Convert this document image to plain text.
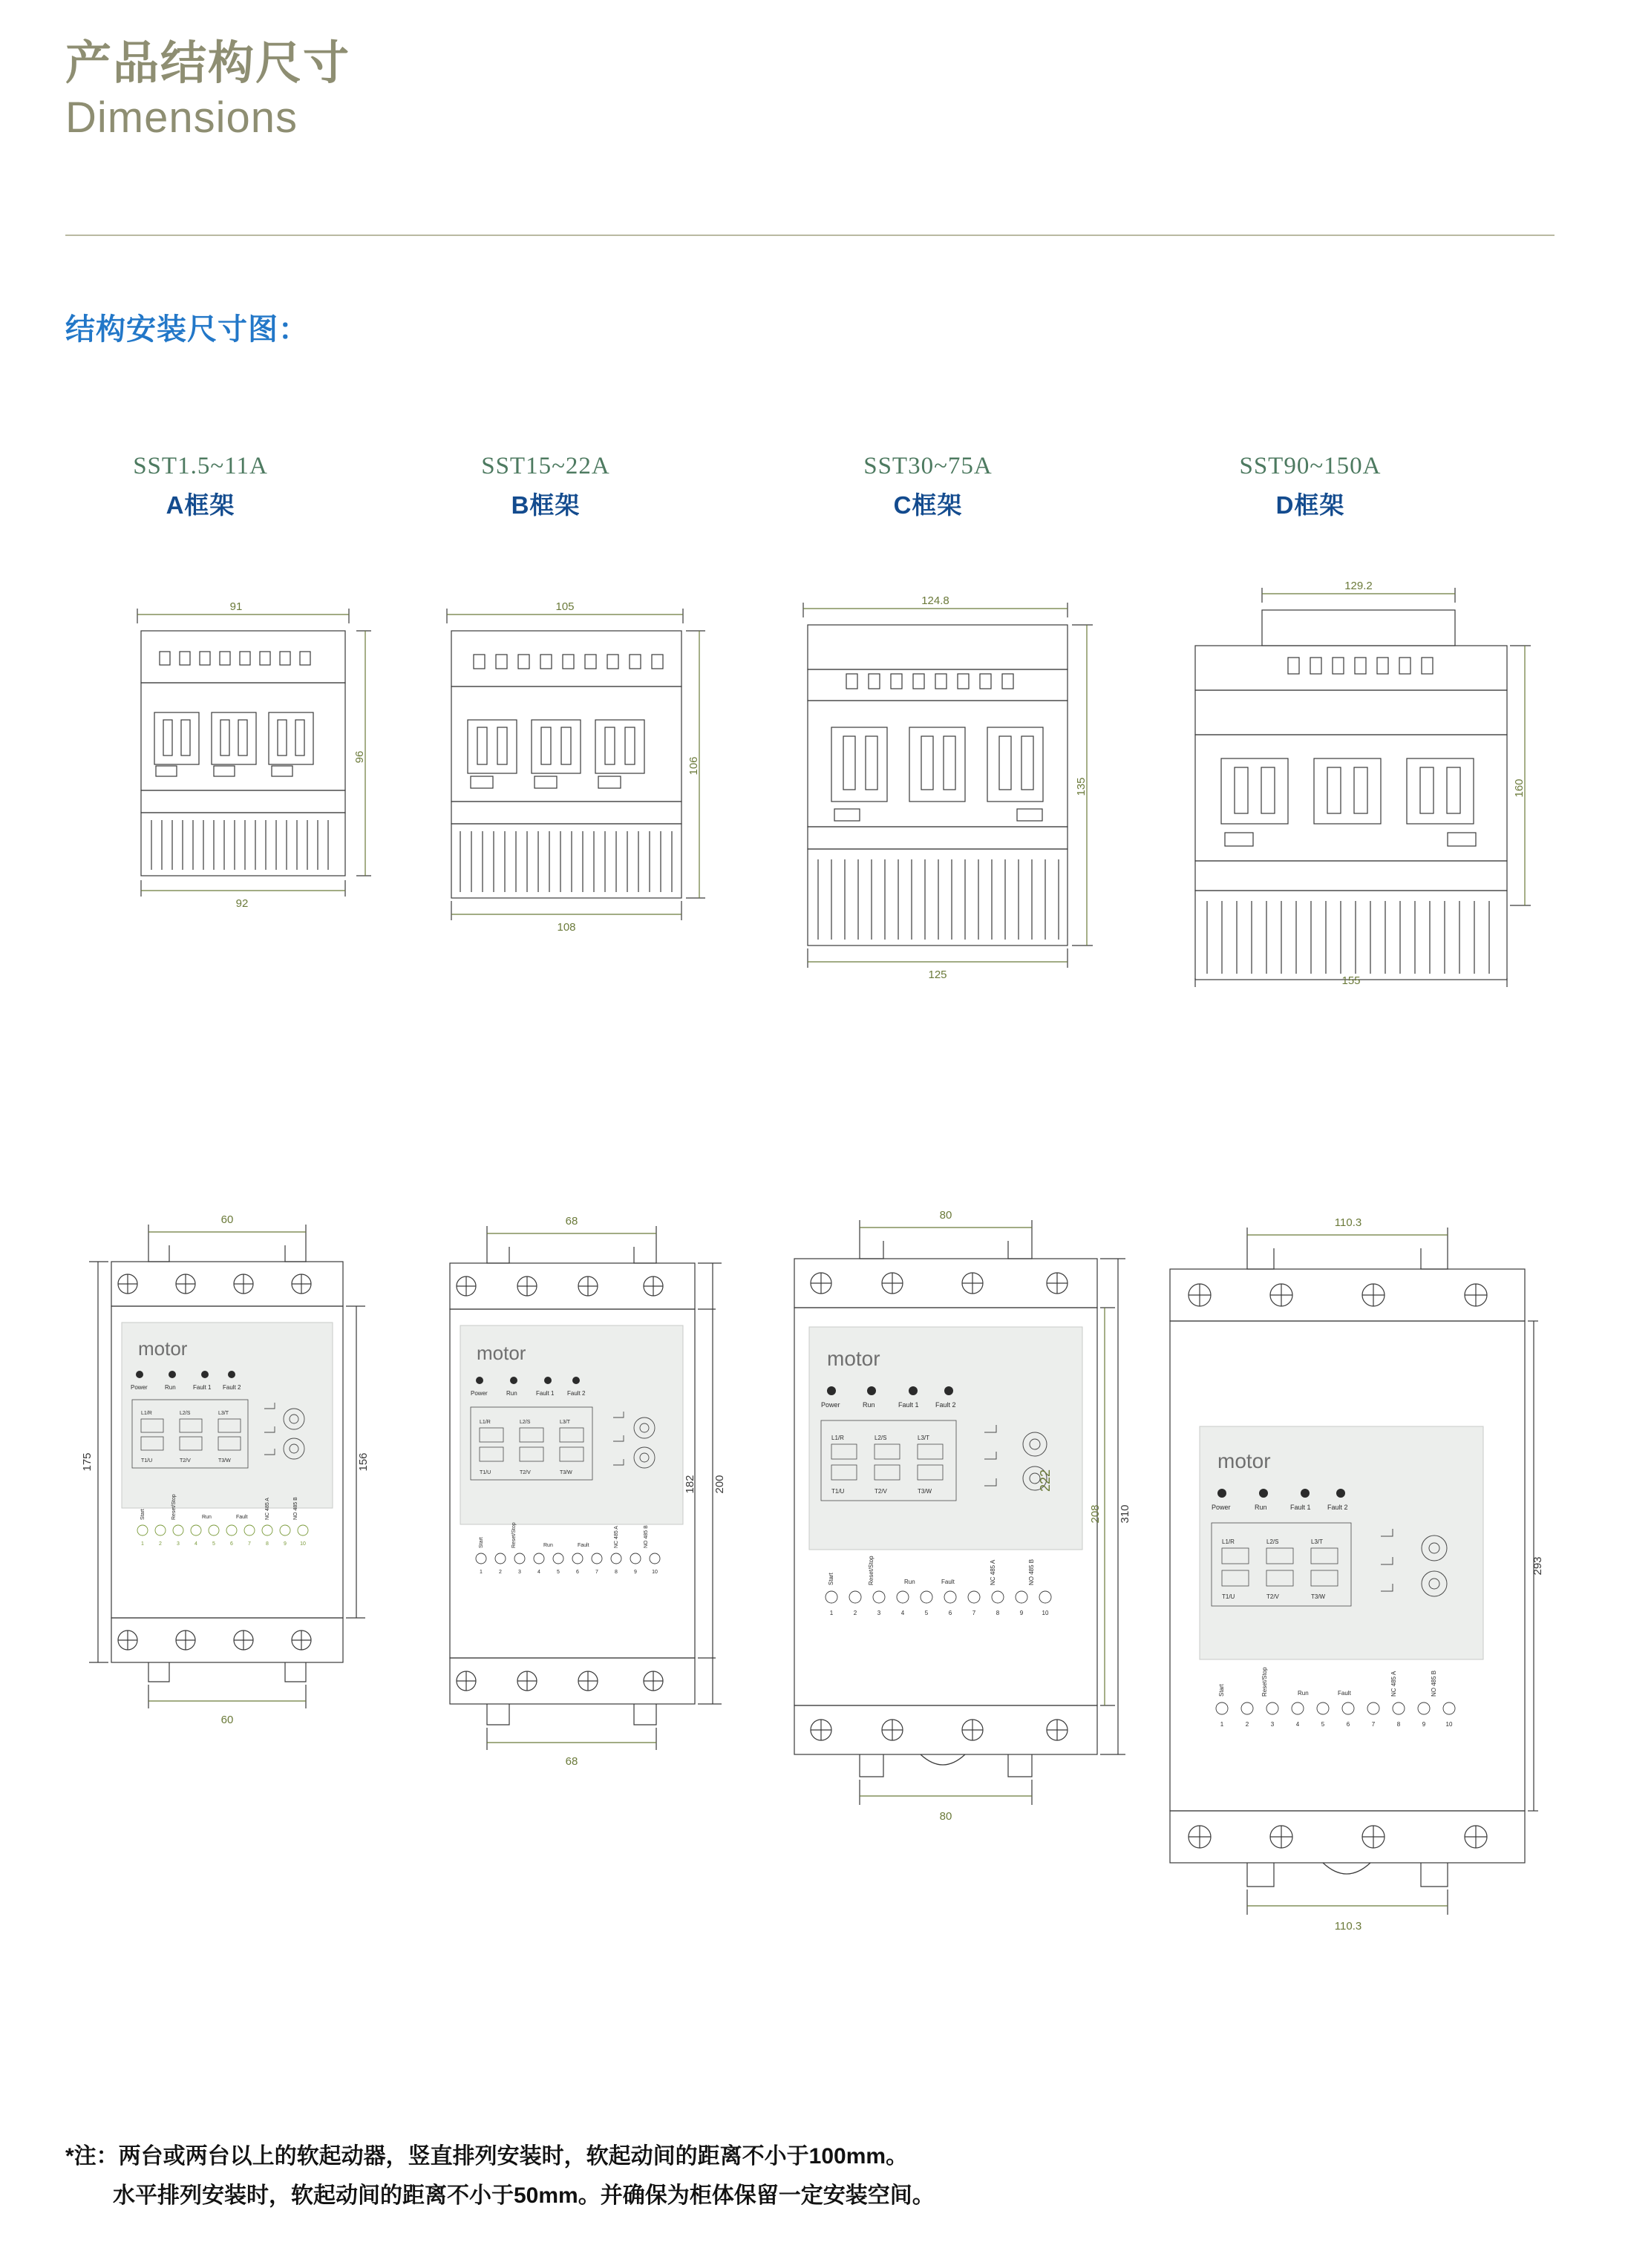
产品结构尺寸
Dimensions
结构安装尺寸图：
SST1.5~11A
A框架
SST15~22A
B框架
SST30~75A
C框架
SST90~150A
D框架
91
96
92
105
106
108
124.8
135
125
129.2
160
155
motor
Power	Run	Fault 1 Fault 2
L1/R	L2/S	L3/T
T1/U	T2/V	T3/W
1	2	3	4	5	6	7	8	9	10
Start	Reset/Stop	Run	Fault	NC 485 A	NO 485 B
60
60
175	156
motor
Power	Run	Fault 1 Fault 2
L1/R	L2/S	L3/T
T1/U	T2/V	T3/W
1	2	3	4	5	6	7	8	9	10
Start	Reset/Stop	Run	Fault	NC 485 A	NO 485 B
68
68
200
182
motor
Power	Run	Fault 1 Fault 2
L1/R	L2/S	L3/T
T1/U	T2/V	T3/W
1	2	3	4	5	6	7	8	9	10
Start	Reset/Stop	Run	Fault	NC 485 A	NO 485 B
80
80
310
208
222
motor
Power	Run	Fault 1 Fault 2
L1/R	L2/S	L3/T
T1/U	T2/V	T3/W
1	2	3	4	5	6	7	8	9	10
Start	Reset/Stop	Run	Fault	NC 485 A	NO 485 B
110.3
110.3
293
*注：两台或两台以上的软起动器，竖直排列安装时，软起动间的距离不小于100mm。
水平排列安装时，软起动间的距离不小于50mm。并确保为柜体保留一定安装空间。
